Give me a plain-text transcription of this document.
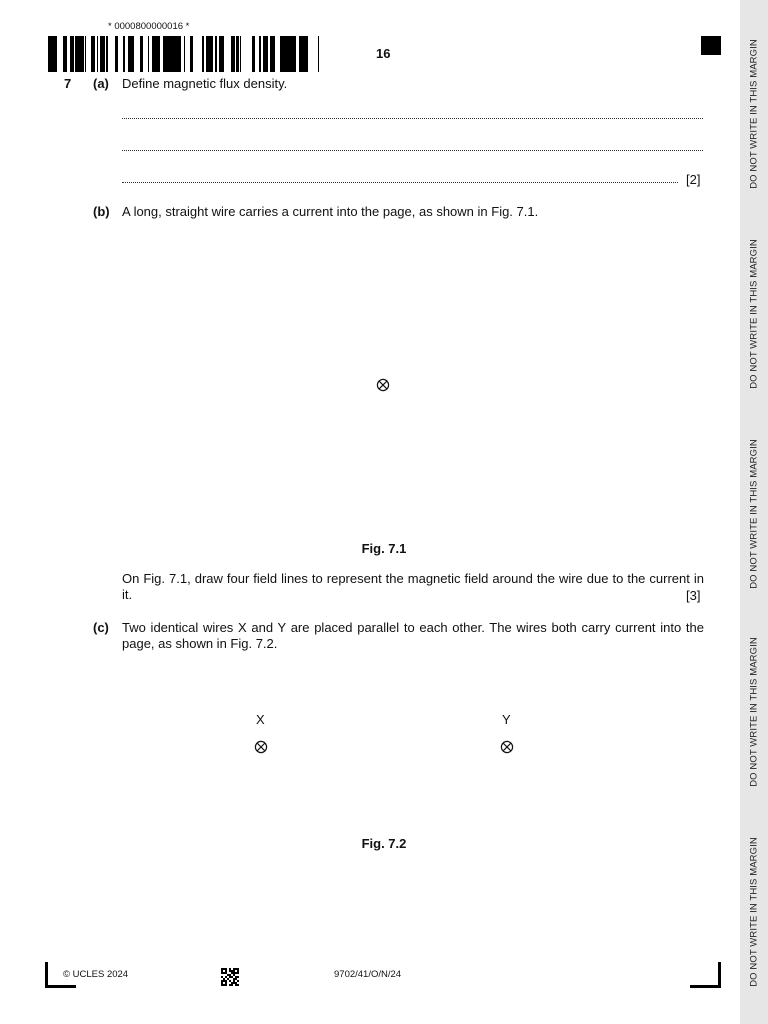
DO NOT WRITE IN THIS MARGIN
DO NOT WRITE IN THIS MARGIN
DO NOT WRITE IN THIS MARGIN
DO NOT WRITE IN THIS MARGIN
DO NOT WRITE IN THIS MARGIN
* 0000800000016 *
16
7 (a) Define magnetic flux density.
[2]
(b) A long, straight wire carries a current into the page, as shown in Fig. 7.1.
Fig. 7.1
On Fig. 7.1, draw four field lines to represent the magnetic field around the wire due to the current in it.	[3]
(c) Two identical wires X and Y are placed parallel to each other. The wires both carry current into the page, as shown in Fig. 7.2.
X	Y
Fig. 7.2
© UCLES 2024	9702/41/O/N/24
